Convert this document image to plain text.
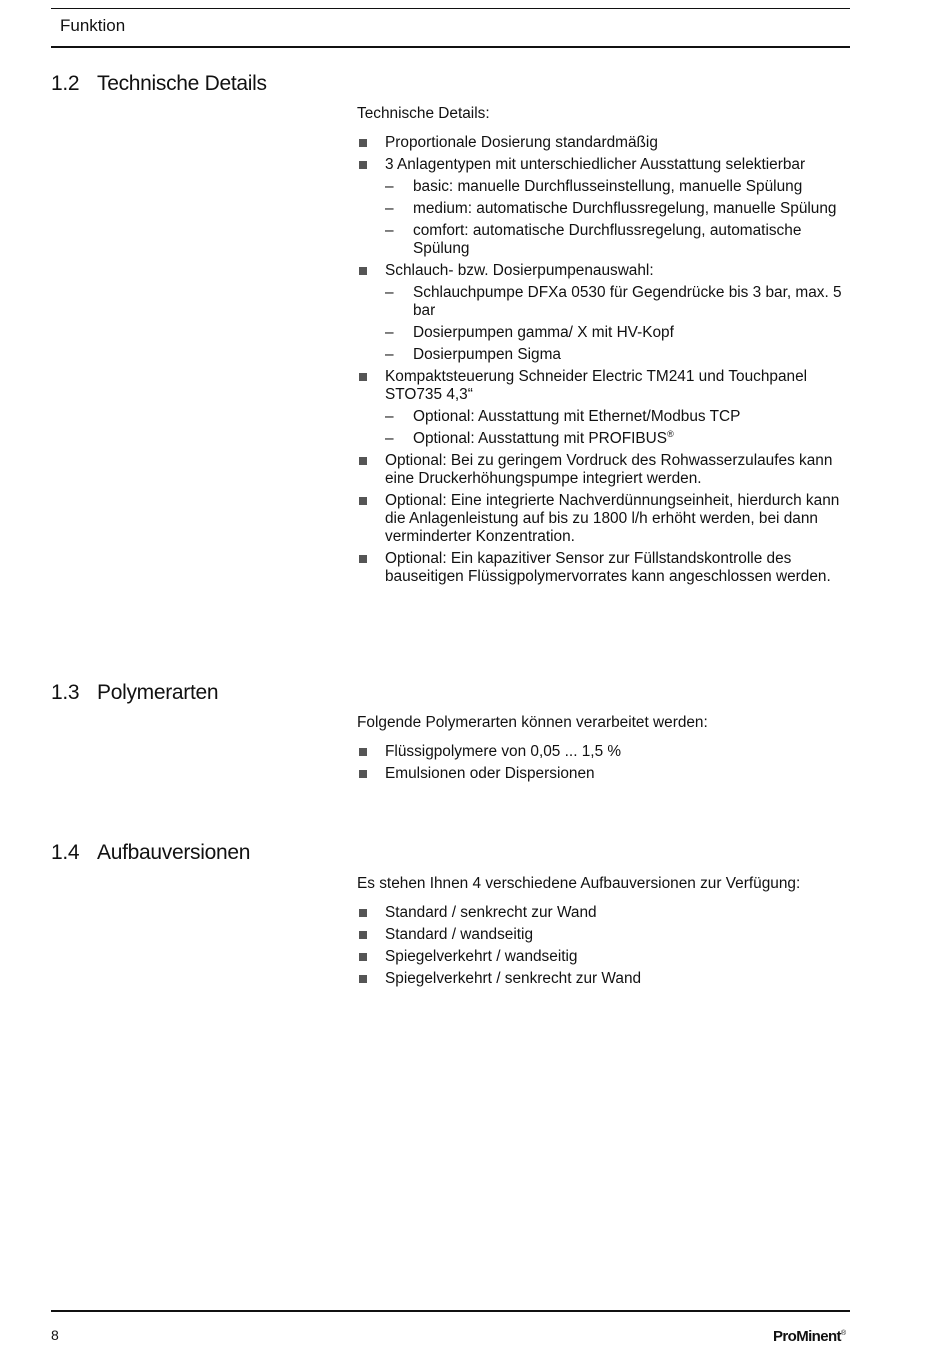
Funktion
1.2 Technische Details

Technische Details:

Proportionale Dosierung standardmäßig
3 Anlagentypen mit unterschiedlicher Ausstattung selektierbar
– basic: manuelle Durchflusseinstellung, manuelle Spülung
– medium: automatische Durchflussregelung, manuelle Spülung
– comfort: automatische Durchflussregelung, automatische Spülung
Schlauch- bzw. Dosierpumpenauswahl:
– Schlauchpumpe DFXa 0530 für Gegendrücke bis 3 bar, max. 5 bar
– Dosierpumpen gamma/ X mit HV-Kopf
– Dosierpumpen Sigma
Kompaktsteuerung Schneider Electric TM241 und Touchpanel STO735 4,3“
– Optional: Ausstattung mit Ethernet/Modbus TCP
– Optional: Ausstattung mit PROFIBUS®
Optional: Bei zu geringem Vordruck des Rohwasserzulaufes kann eine Druckerhöhungspumpe integriert werden.
Optional: Eine integrierte Nachverdünnungseinheit, hierdurch kann die Anlagenleistung auf bis zu 1800 l/h erhöht werden, bei dann verminderter Konzentration.
Optional: Ein kapazitiver Sensor zur Füllstandskontrolle des bauseitigen Flüssigpolymervorrates kann angeschlossen werden.
1.3 Polymerarten

Folgende Polymerarten können verarbeitet werden:

Flüssigpolymere von 0,05 ... 1,5 %
Emulsionen oder Dispersionen
1.4 Aufbauversionen

Es stehen Ihnen 4 verschiedene Aufbauversionen zur Verfügung:

Standard / senkrecht zur Wand
Standard / wandseitig
Spiegelverkehrt / wandseitig
Spiegelverkehrt / senkrecht zur Wand
8	ProMinent®
